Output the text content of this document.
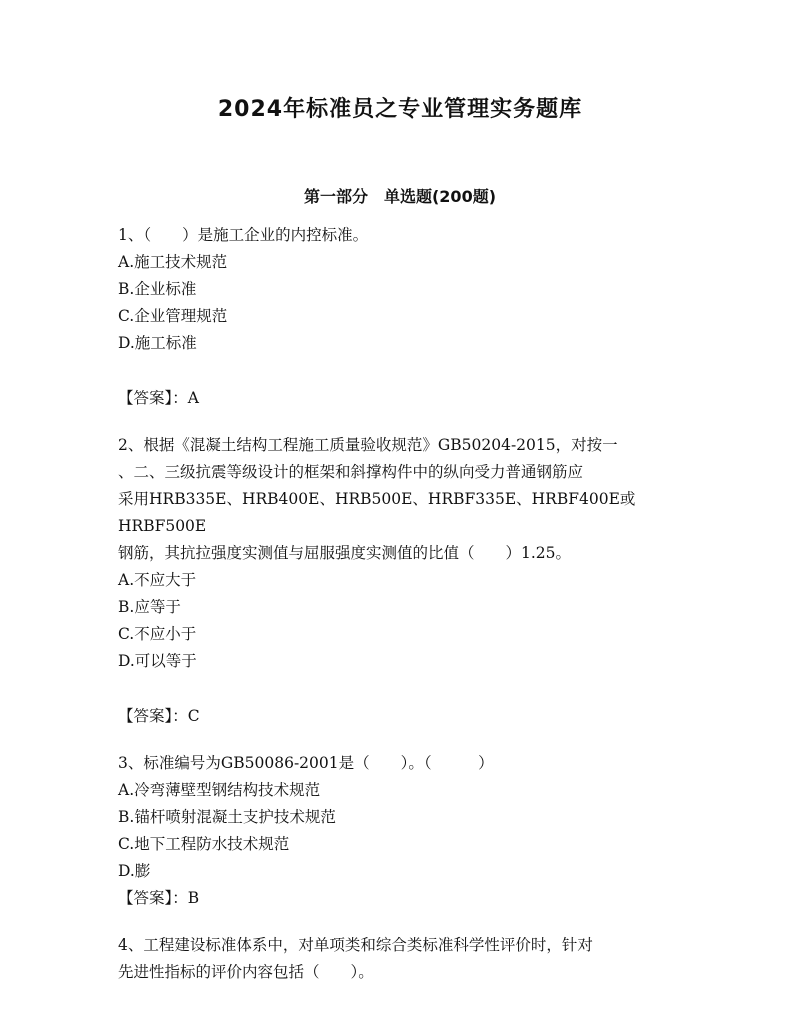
2024年标准员之专业管理实务题库
第一部分　单选题(200题)

1、（　　）是施工企业的内控标准。

A.施工技术规范

B.企业标准

C.企业管理规范

D.施工标准

【答案】：A

2、根据《混凝土结构工程施工质量验收规范》GB50204-2015，对按一

、二、三级抗震等级设计的框架和斜撑构件中的纵向受力普通钢筋应

采用HRB335E、HRB400E、HRB500E、HRBF335E、HRBF400E或HRBF500E

钢筋，其抗拉强度实测值与屈服强度实测值的比值（　　）1.25。

A.不应大于

B.应等于

C.不应小于

D.可以等于

【答案】：C

3、标准编号为GB50086-2001是（　　）。（　　　）

A.冷弯薄壁型钢结构技术规范

B.锚杆喷射混凝土支护技术规范

C.地下工程防水技术规范

D.膨

【答案】：B

4、工程建设标准体系中，对单项类和综合类标准科学性评价时，针对

先进性指标的评价内容包括（　　）。
